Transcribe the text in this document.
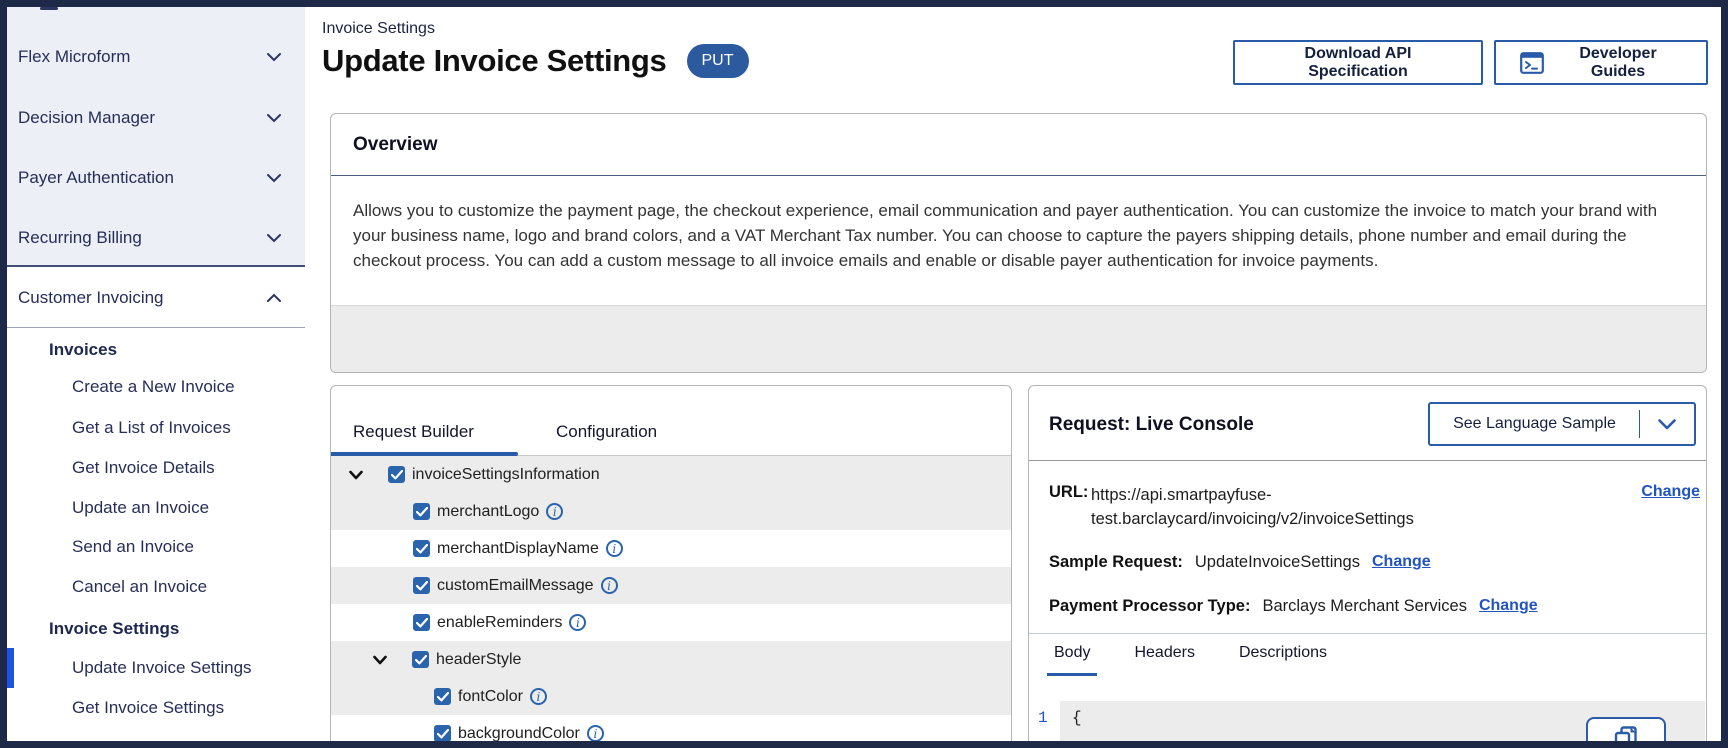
Flex Microform
Decision Manager
Payer Authentication
Recurring Billing
Customer Invoicing
Invoices
Create a New Invoice
Get a List of Invoices
Get Invoice Details
Update an Invoice
Send an Invoice
Cancel an Invoice
Invoice Settings
Update Invoice Settings
Get Invoice Settings
Invoice Settings
Update Invoice Settings	PUT	Download API Specification
Developer Guides
Overview
Allows you to customize the payment page, the checkout experience, email communication and payer authentication. You can customize the invoice to match your brand with your business name, logo and brand colors, and a VAT Merchant Tax number. You can choose to capture the payers shipping details, phone number and email during the checkout process. You can add a custom message to all invoice emails and enable or disable payer authentication for invoice payments.
Request Builder	Configuration
invoiceSettingsInformation
merchantLogo i
merchantDisplayName i
customEmailMessage i
enableReminders i
headerStyle
fontColor i
backgroundColor i
Request: Live Console	See Language Sample
URL: https://api.smartpayfuse-
test.barclaycard/invoicing/v2/invoiceSettings
Change
Sample Request: UpdateInvoiceSettings Change
Payment Processor Type: Barclays Merchant Services Change
Body	Headers	Descriptions
1 {
